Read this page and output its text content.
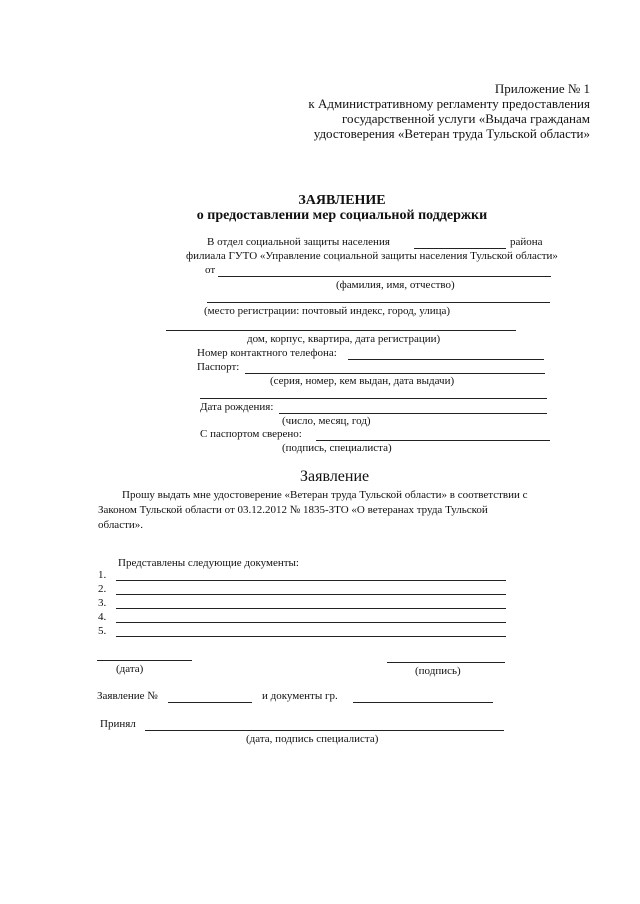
Приложение № 1
к Административному регламенту предоставления
государственной услуги «Выдача гражданам
удостоверения «Ветеран труда Тульской области»
ЗАЯВЛЕНИЕ
о предоставлении мер социальной поддержки
В отдел социальной защиты населения	района
филиала ГУТО «Управление социальной защиты населения Тульской области»
от
(фамилия, имя, отчество)
(место регистрации: почтовый индекс, город, улица)
дом, корпус, квартира, дата регистрации)
Номер контактного телефона:
Паспорт:
(серия, номер, кем выдан, дата выдачи)
Дата рождения:
(число, месяц, год)
С паспортом сверено:
(подпись, специалиста)
Заявление
Прошу выдать мне удостоверение «Ветеран труда Тульской области» в соответствии с
Законом Тульской области от 03.12.2012 № 1835-ЗТО «О ветеранах труда Тульской
области».
Представлены следующие документы:
1.
2.
3.
4.
5.
(дата)	(подпись)
Заявление №	и документы гр.
Принял
(дата, подпись специалиста)
